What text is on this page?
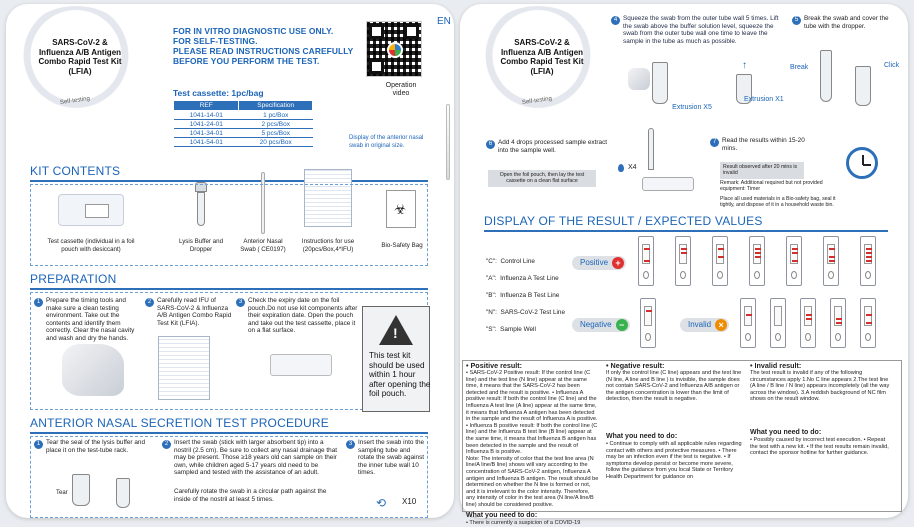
SARS-CoV-2 & Influenza A/B Antigen Combo Rapid Test Kit (LFIA)
Self-testing
FOR IN VITRO DIAGNOSTIC USE ONLY.
FOR SELF-TESTING.
PLEASE READ INSTRUCTIONS CAREFULLY
BEFORE YOU PERFORM THE TEST.
EN
Operation video
Test cassette: 1pc/bag
REF	Specification
1041-14-01	1 pc/Box
1041-24-01	2 pcs/Box
1041-34-01	5 pcs/Box
1041-54-01	20 pcs/Box
Display of the anterior nasal swab in original size.
KIT CONTENTS
Test cassette (individual in a foil pouch with desiccant)
Lysis Buffer and Dropper
Anterior Nasal Swab ( CE0197)
Instructions for use (20pcs/Box,4*IFU)
☣
Bio-Safety Bag
PREPARATION
1 Prepare the timing tools and make sure a clean testing environment. Take out the contents and identify them correctly. Clear the nasal cavity and wash and dry the hands.
2 Carefully read IFU of SARS-CoV-2 & Influenza A/B Antigen Combo Rapid Test Kit (LFIA).
3 Check the expiry date on the foil pouch.Do not use kit components after their expiration date. Open the pouch and take out the test cassette, place it on a flat surface.
!
This test kit should be used within 1 hour after opening the foil pouch.
ANTERIOR NASAL SECRETION TEST PROCEDURE
1 Tear the seal of the lysis buffer and place it on the test-tube rack.
2 Insert the swab (stick with larger absorbent tip) into a nostril (2.5 cm). Be sure to collect any nasal drainage that may be present. Those ≥18 years old can sample on their own, while children aged 5-17 years old need to be sampled and tested with the assistance of an adult.
Carefully rotate the swab in a circular path against the inside of the nostril at least 5 times.
3 Insert the swab into the sampling tube and rotate the swab against the inner tube wall 10 times.
Tear
⟲ X10
SARS-CoV-2 & Influenza A/B Antigen Combo Rapid Test Kit (LFIA)
Self-testing
4 Squeeze the swab from the outer tube wall 5 times. Lift the swab above the buffer solution level, squeeze the swab from the outer tube wall one time to leave the sample in the tube as much as possible.
5 Break the swab and cover the tube with the dropper.
Extrusion X5
↑
Extrusion X1
Break	Click
6 Add 4 drops processed sample extract into the sample well.
Open the foil pouch, then lay the test cassette on a clean flat surface
X4
7 Read the results within 15-20 mins.
Result observed after 20 mins is invalid
Remark: Additional required but not provided equipment: Timer
Place all used materials in a Bio-safety bag, seal it tightly, and dispose of it in a household waste bin.
DISPLAY OF THE RESULT / EXPECTED VALUES
"C": Control Line
"A": Influenza A Test Line
"B": Influenza B Test Line
"N": SARS-CoV-2 Test Line
"S": Sample Well
Positive +
Negative −	Invalid ×
• Positive result:
• SARS-CoV-2 Positive result: If the control line (C line) and the test line (N line) appear at the same time, it means that the SARS-CoV-2 has been detected and the result is positive. • Influenza A positive result: If both the control line (C line) and the Influenza A test line (A line) appear at the same time, it means that Influenza A antigen has been detected in the sample and the result of Influenza A is positive. • Influenza B positive result: If both the control line (C line) and the Influenza B test line (B line) appear at the same time, it means that Influenza B antigen has been detected in the sample and the result of Influenza B is positive.
Note: The intensity of color that the test line area (N line/A line/B line) shows will vary according to the concentration of SARS-CoV-2 antigen, Influenza A antigen and Influenza B antigen. The result should be determined on whether the N line is formed or not, and it is irrelevant to the color intensity. Therefore, any intensity of color in the test area (N line/A line/B line) should be considered positive.
What you need to do:
• There is currently a suspicion of a COVID-19
• Negative result:
If only the control line (C line) appears and the test line (N line, A line and B line ) is invisible, the sample does not contain SARS-CoV-2 and Influenza A/B antigen or the antigen concentration is lower than the limit of detection, then the result is negative.
What you need to do:
• Continue to comply with all applicable rules regarding contact with others and protective measures. • There may be an infection even if the test is negative. • If symptoms develop persist or become more severe, follow the guidance from you local State or Territory Health Department for guidance on
• Invalid result:
The test result is invalid if any of the following circumstances apply 1.No C line appears 2.The test line (A line / B line / N line) appears incompletely (all the way across the window). 3.A reddish background of NC film shows on the result window.
What you need to do:
• Possibly caused by incorrect test execution. • Repeat the test with a new kit. • If the test results remain invalid, contact the sponsor hotline for further guidance.
